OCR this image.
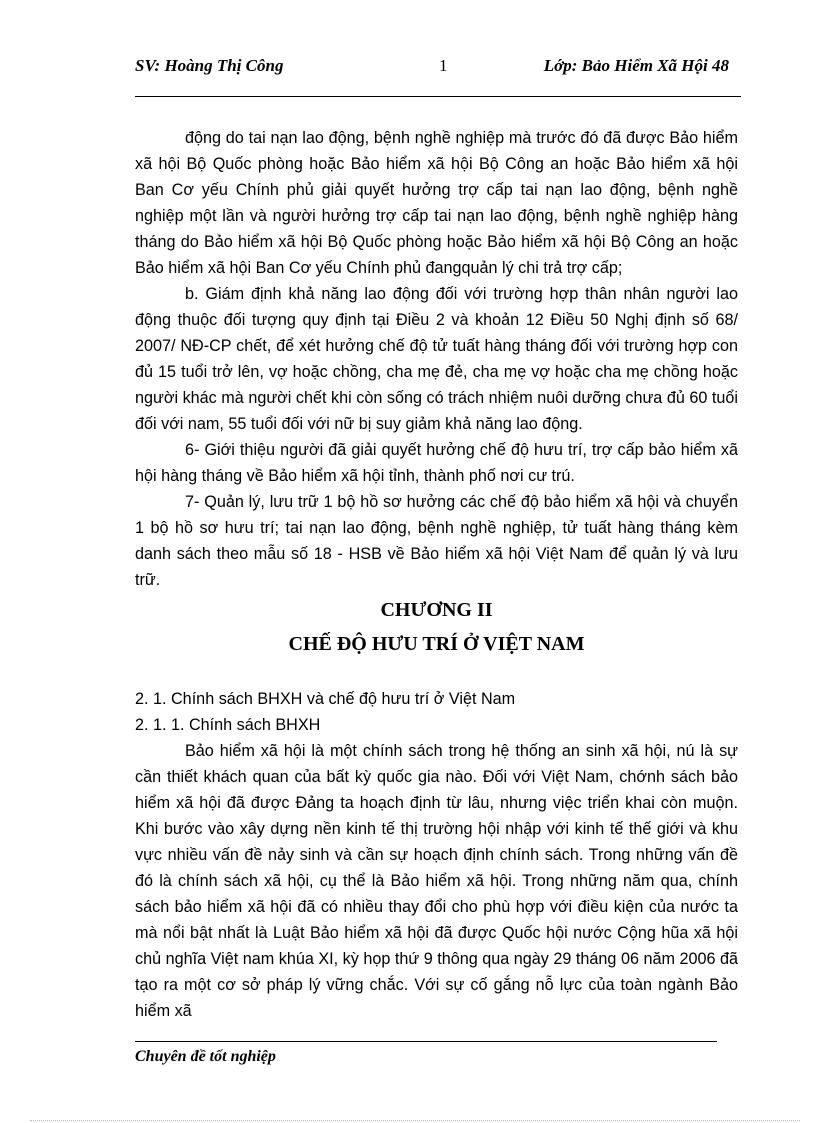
SV: Hoàng Thị Công	1	Lớp: Bảo Hiểm Xã Hội 48

động do tai nạn lao động, bệnh nghề nghiệp mà trước đó đã được Bảo hiểm xã hội Bộ Quốc phòng hoặc Bảo hiểm xã hội Bộ Công an hoặc Bảo hiểm xã hội Ban Cơ yếu Chính phủ giải quyết hưởng trợ cấp tai nạn lao động, bệnh nghề nghiệp một lần và người hưởng trợ cấp tai nạn lao động, bệnh nghề nghiệp hàng tháng do Bảo hiểm xã hội Bộ Quốc phòng hoặc Bảo hiểm xã hội Bộ Công an hoặc Bảo hiểm xã hội Ban Cơ yếu Chính phủ đangquản lý chi trả trợ cấp;

b. Giám định khả năng lao động đối với trường hợp thân nhân người lao động thuộc đối tượng quy định tại Điều 2 và khoản 12 Điều 50 Nghị định số 68/ 2007/ NĐ-CP chết, để xét hưởng chế độ tử tuất hàng tháng đối với trường hợp con đủ 15 tuổi trở lên, vợ hoặc chồng, cha mẹ đẻ, cha mẹ vợ hoặc cha mẹ chồng hoặc người khác mà người chết khi còn sống có trách nhiệm nuôi dưỡng chưa đủ 60 tuổi đối với nam, 55 tuổi đối với nữ bị suy giảm khả năng lao động.

6- Giới thiệu người đã giải quyết hưởng chế độ hưu trí, trợ cấp bảo hiểm xã hội hàng tháng về Bảo hiểm xã hội tỉnh, thành phố nơi cư trú.

7- Quản lý, lưu trữ 1 bộ hồ sơ hưởng các chế độ bảo hiểm xã hội và chuyển 1 bộ hồ sơ hưu trí; tai nạn lao động, bệnh nghề nghiệp, tử tuất hàng tháng kèm danh sách theo mẫu số 18 - HSB về Bảo hiểm xã hội Việt Nam để quản lý và lưu trữ.

CHƯƠNG II
CHẾ ĐỘ HƯU TRÍ Ở VIỆT NAM

2. 1. Chính sách BHXH và chế độ hưu trí ở Việt Nam

2. 1. 1. Chính sách BHXH

Bảo hiểm xã hội là một chính sách trong hệ thống an sinh xã hội, nú là sự cần thiết khách quan của bất kỳ quốc gia nào. Đối với Việt Nam, chớnh sách bảo hiểm xã hội đã được Đảng ta hoạch định từ lâu, nhưng việc triển khai còn muộn. Khi bước vào xây dựng nền kinh tế thị trường hội nhập với kinh tế thế giới và khu vực nhiều vấn đề nảy sinh và cần sự hoạch định chính sách. Trong những vấn đề đó là chính sách xã hội, cụ thể là Bảo hiểm xã hội. Trong những năm qua, chính sách bảo hiểm xã hội đã có nhiều thay đổi cho phù hợp với điều kiện của nước ta mà nổi bật nhất là Luật Bảo hiểm xã hội đã được Quốc hội nước Cộng hũa xã hội chủ nghĩa Việt nam khúa XI, kỳ họp thứ 9 thông qua ngày 29 tháng 06 năm 2006 đã tạo ra một cơ sở pháp lý vững chắc. Với sự cố gắng nỗ lực của toàn ngành Bảo hiểm xã

Chuyên đề tốt nghiệp
